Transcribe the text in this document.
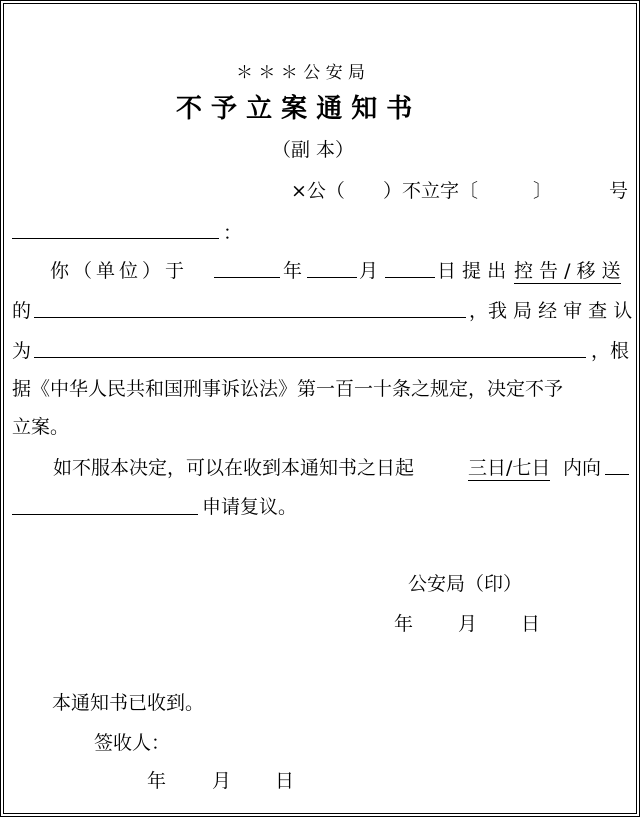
＊ ＊ ＊ 公 安 局
不 予 立 案 通 知 书
（副 本）
×公（ ）不立字〔	〕	号
：
你（单位）于	年	月	日 提 出 控 告 / 移 送
的	，我 局 经 审 查 认
为	，根
据《中华人民共和国刑事诉讼法》第一百一十条之规定，决定不予
立案。
如不服本决定，可以在收到本通知书之日起	三日/七日 内向
申请复议。
公安局（印）
年 月 日
本通知书已收到。
签收人：
年 月 日
